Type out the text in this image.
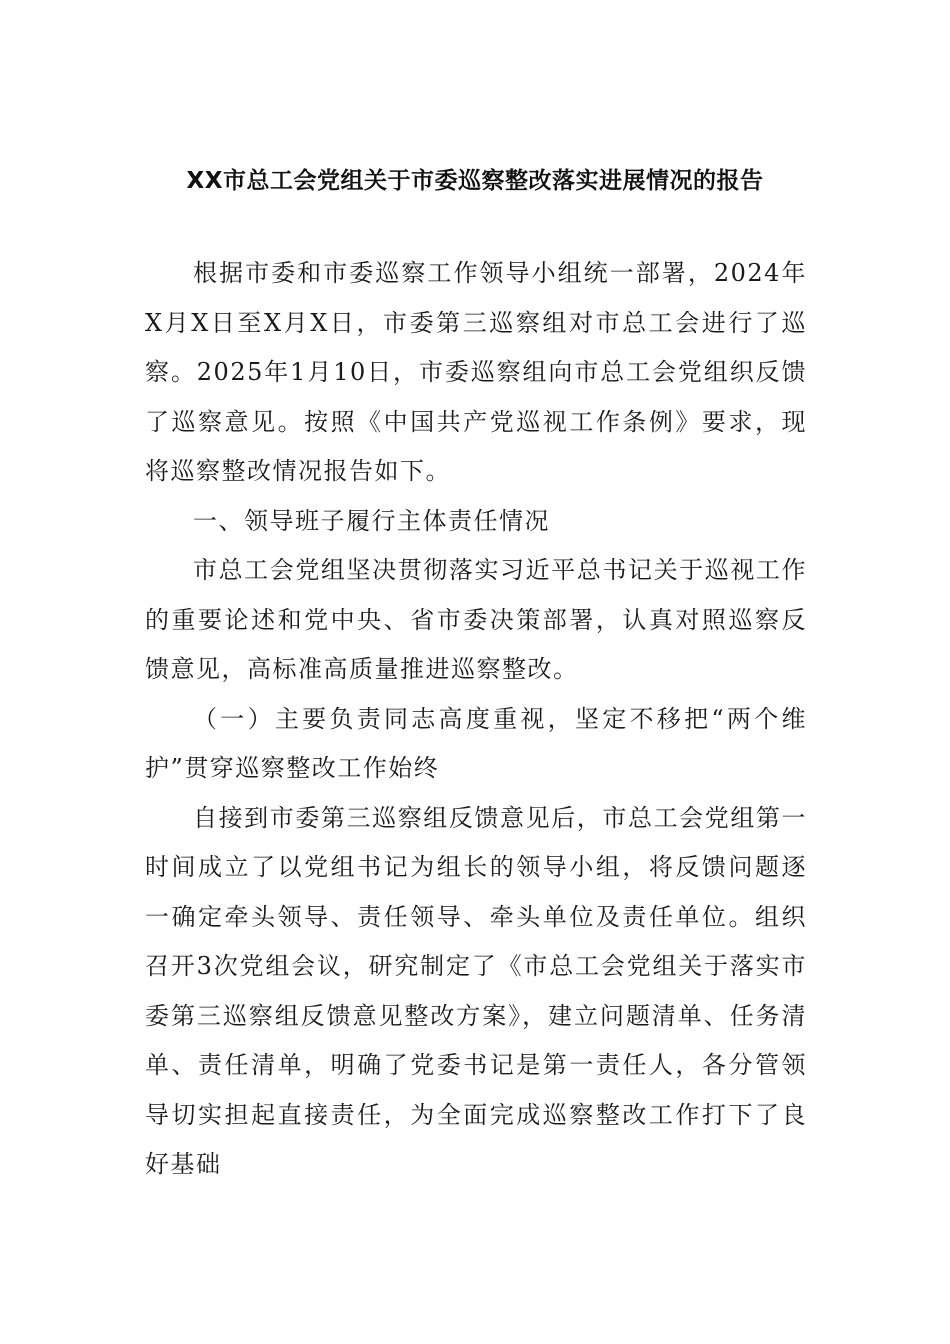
XX市总工会党组关于市委巡察整改落实进展情况的报告

根据市委和市委巡察工作领导小组统一部署，2024年X月X日至X月X日，市委第三巡察组对市总工会进行了巡察。2025年1月10日，市委巡察组向市总工会党组织反馈了巡察意见。按照《中国共产党巡视工作条例》要求，现将巡察整改情况报告如下。

一、领导班子履行主体责任情况

市总工会党组坚决贯彻落实习近平总书记关于巡视工作的重要论述和党中央、省市委决策部署，认真对照巡察反馈意见，高标准高质量推进巡察整改。

（一）主要负责同志高度重视，坚定不移把“两个维护”贯穿巡察整改工作始终

自接到市委第三巡察组反馈意见后，市总工会党组第一时间成立了以党组书记为组长的领导小组，将反馈问题逐一确定牵头领导、责任领导、牵头单位及责任单位。组织召开3次党组会议，研究制定了《市总工会党组关于落实市委第三巡察组反馈意见整改方案》，建立问题清单、任务清单、责任清单，明确了党委书记是第一责任人，各分管领导切实担起直接责任，为全面完成巡察整改工作打下了良好基础
